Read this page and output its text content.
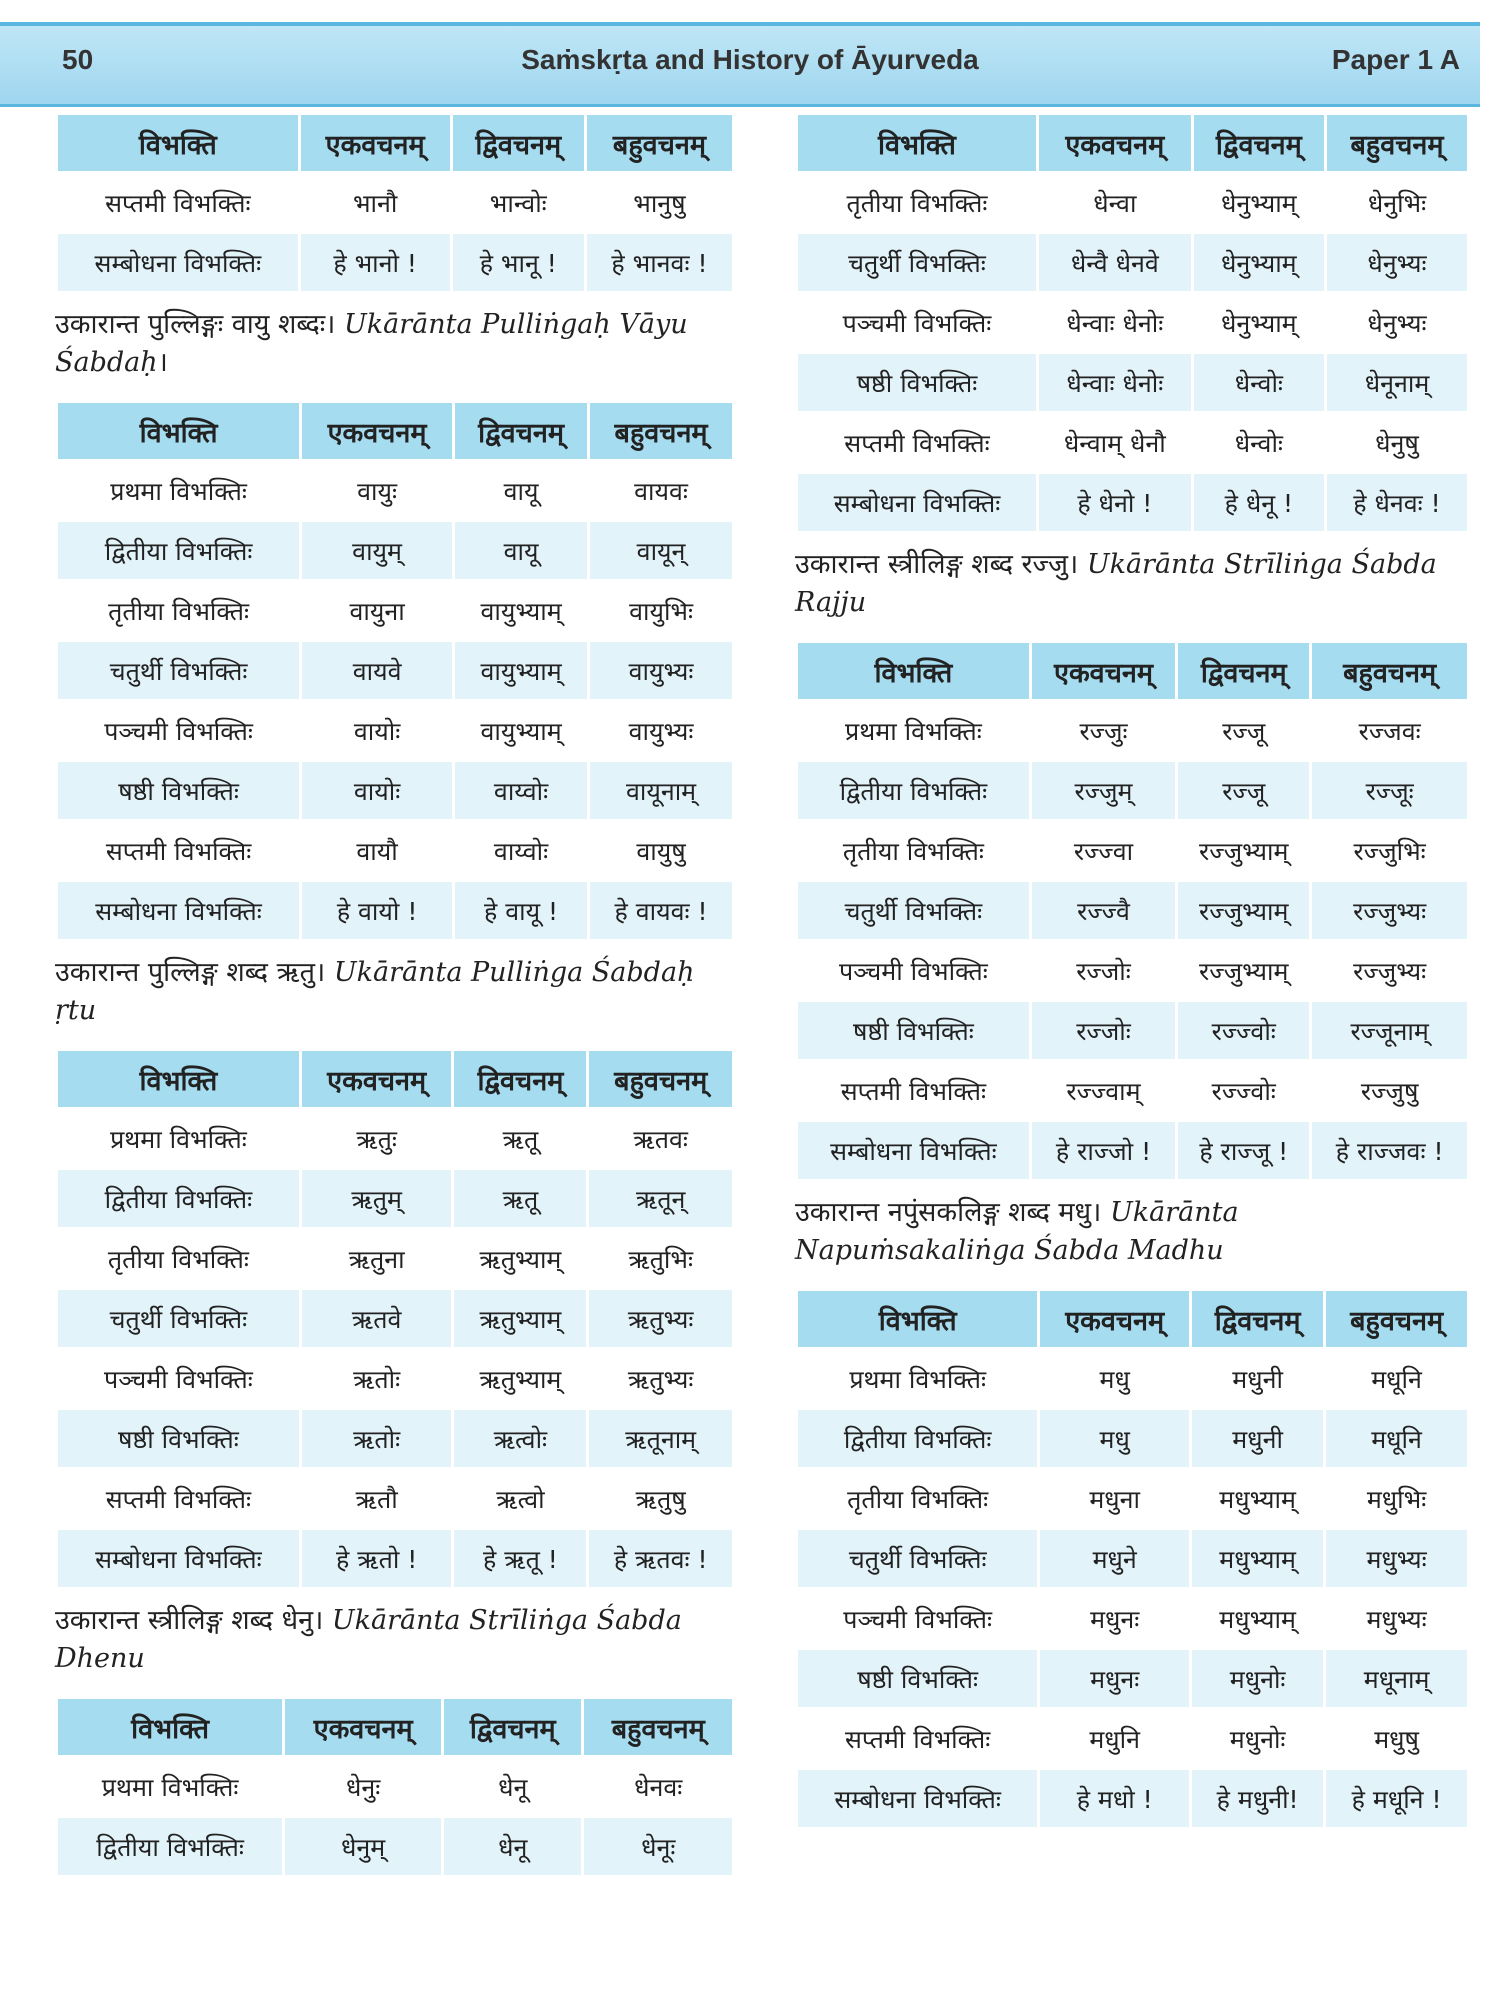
50	Saṁskṛta and History of Āyurveda	Paper 1 A
विभक्ति	एकवचनम्	द्विवचनम्	बहुवचनम्
सप्तमी विभक्तिः	भानौ	भान्वोः	भानुषु
सम्बोधना विभक्तिः	हे भानो !	हे भानू !	हे भानवः !
उकारान्त पुल्लिङ्गः वायु शब्दः। Ukārānta Pulliṅgaḥ Vāyu Śabdaḥ।
विभक्ति	एकवचनम्	द्विवचनम्	बहुवचनम्
प्रथमा विभक्तिः	वायुः	वायू	वायवः
द्वितीया विभक्तिः	वायुम्	वायू	वायून्
तृतीया विभक्तिः	वायुना	वायुभ्याम्	वायुभिः
चतुर्थी विभक्तिः	वायवे	वायुभ्याम्	वायुभ्यः
पञ्चमी विभक्तिः	वायोः	वायुभ्याम्	वायुभ्यः
षष्ठी विभक्तिः	वायोः	वाय्वोः	वायूनाम्
सप्तमी विभक्तिः	वायौ	वाय्वोः	वायुषु
सम्बोधना विभक्तिः	हे वायो !	हे वायू !	हे वायवः !
उकारान्त पुल्लिङ्ग शब्द ऋतु। Ukārānta Pulliṅga Śabdaḥ ṛtu
विभक्ति	एकवचनम्	द्विवचनम्	बहुवचनम्
प्रथमा विभक्तिः	ऋतुः	ऋतू	ऋतवः
द्वितीया विभक्तिः	ऋतुम्	ऋतू	ऋतून्
तृतीया विभक्तिः	ऋतुना	ऋतुभ्याम्	ऋतुभिः
चतुर्थी विभक्तिः	ऋतवे	ऋतुभ्याम्	ऋतुभ्यः
पञ्चमी विभक्तिः	ऋतोः	ऋतुभ्याम्	ऋतुभ्यः
षष्ठी विभक्तिः	ऋतोः	ऋत्वोः	ऋतूनाम्
सप्तमी विभक्तिः	ऋतौ	ऋत्वो	ऋतुषु
सम्बोधना विभक्तिः	हे ऋतो !	हे ऋतू !	हे ऋतवः !
उकारान्त स्त्रीलिङ्ग शब्द धेनु। Ukārānta Strīliṅga Śabda Dhenu
विभक्ति	एकवचनम्	द्विवचनम्	बहुवचनम्
प्रथमा विभक्तिः	धेनुः	धेनू	धेनवः
द्वितीया विभक्तिः	धेनुम्	धेनू	धेनूः
विभक्ति	एकवचनम्	द्विवचनम्	बहुवचनम्
तृतीया विभक्तिः	धेन्वा	धेनुभ्याम्	धेनुभिः
चतुर्थी विभक्तिः	धेन्वै धेनवे	धेनुभ्याम्	धेनुभ्यः
पञ्चमी विभक्तिः	धेन्वाः धेनोः	धेनुभ्याम्	धेनुभ्यः
षष्ठी विभक्तिः	धेन्वाः धेनोः	धेन्वोः	धेनूनाम्
सप्तमी विभक्तिः	धेन्वाम् धेनौ	धेन्वोः	धेनुषु
सम्बोधना विभक्तिः	हे धेनो !	हे धेनू !	हे धेनवः !
उकारान्त स्त्रीलिङ्ग शब्द रज्जु। Ukārānta Strīliṅga Śabda Rajju
विभक्ति	एकवचनम्	द्विवचनम्	बहुवचनम्
प्रथमा विभक्तिः	रज्जुः	रज्जू	रज्जवः
द्वितीया विभक्तिः	रज्जुम्	रज्जू	रज्जूः
तृतीया विभक्तिः	रज्ज्वा	रज्जुभ्याम्	रज्जुभिः
चतुर्थी विभक्तिः	रज्ज्वै	रज्जुभ्याम्	रज्जुभ्यः
पञ्चमी विभक्तिः	रज्जोः	रज्जुभ्याम्	रज्जुभ्यः
षष्ठी विभक्तिः	रज्जोः	रज्ज्वोः	रज्जूनाम्
सप्तमी विभक्तिः	रज्ज्वाम्	रज्ज्वोः	रज्जुषु
सम्बोधना विभक्तिः	हे राज्जो !	हे राज्जू !	हे राज्जवः !
उकारान्त नपुंसकलिङ्ग शब्द मधु। Ukārānta Napuṁsakaliṅga Śabda Madhu
विभक्ति	एकवचनम्	द्विवचनम्	बहुवचनम्
प्रथमा विभक्तिः	मधु	मधुनी	मधूनि
द्वितीया विभक्तिः	मधु	मधुनी	मधूनि
तृतीया विभक्तिः	मधुना	मधुभ्याम्	मधुभिः
चतुर्थी विभक्तिः	मधुने	मधुभ्याम्	मधुभ्यः
पञ्चमी विभक्तिः	मधुनः	मधुभ्याम्	मधुभ्यः
षष्ठी विभक्तिः	मधुनः	मधुनोः	मधूनाम्
सप्तमी विभक्तिः	मधुनि	मधुनोः	मधुषु
सम्बोधना विभक्तिः	हे मधो !	हे मधुनी!	हे मधूनि !
